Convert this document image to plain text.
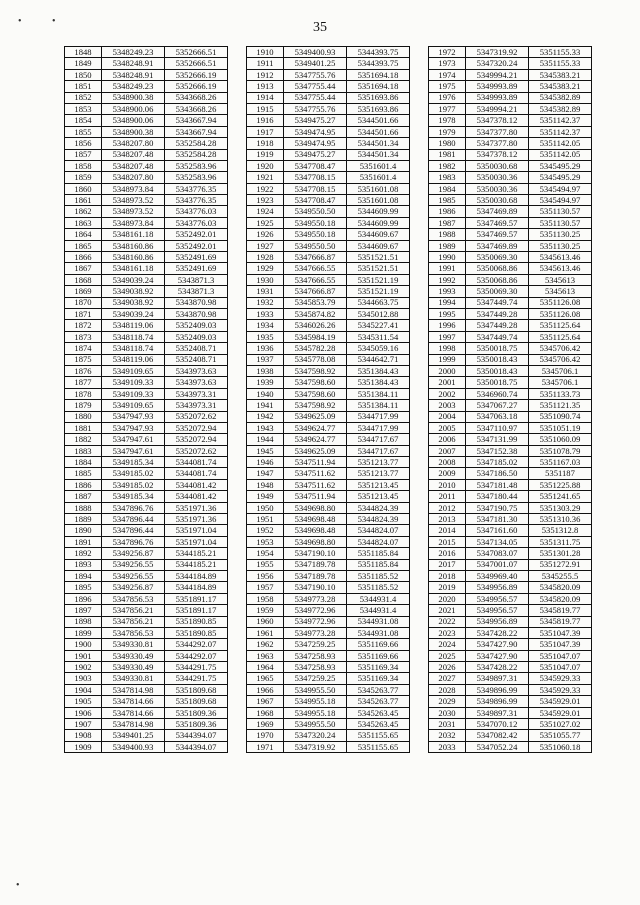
35
•	•
•
1848	5348249.23	5352666.51
1849	5348248.91	5352666.51
1850	5348248.91	5352666.19
1851	5348249.23	5352666.19
1852	5348900.38	5343668.26
1853	5348900.06	5343668.26
1854	5348900.06	5343667.94
1855	5348900.38	5343667.94
1856	5348207.80	5352584.28
1857	5348207.48	5352584.28
1858	5348207.48	5352583.96
1859	5348207.80	5352583.96
1860	5348973.84	5343776.35
1861	5348973.52	5343776.35
1862	5348973.52	5343776.03
1863	5348973.84	5343776.03
1864	5348161.18	5352492.01
1865	5348160.86	5352492.01
1866	5348160.86	5352491.69
1867	5348161.18	5352491.69
1868	5349039.24	5343871.3
1869	5349038.92	5343871.3
1870	5349038.92	5343870.98
1871	5349039.24	5343870.98
1872	5348119.06	5352409.03
1873	5348118.74	5352409.03
1874	5348118.74	5352408.71
1875	5348119.06	5352408.71
1876	5349109.65	5343973.63
1877	5349109.33	5343973.63
1878	5349109.33	5343973.31
1879	5349109.65	5343973.31
1880	5347947.93	5352072.62
1881	5347947.93	5352072.94
1882	5347947.61	5352072.94
1883	5347947.61	5352072.62
1884	5349185.34	5344081.74
1885	5349185.02	5344081.74
1886	5349185.02	5344081.42
1887	5349185.34	5344081.42
1888	5347896.76	5351971.36
1889	5347896.44	5351971.36
1890	5347896.44	5351971.04
1891	5347896.76	5351971.04
1892	5349256.87	5344185.21
1893	5349256.55	5344185.21
1894	5349256.55	5344184.89
1895	5349256.87	5344184.89
1896	5347856.53	5351891.17
1897	5347856.21	5351891.17
1898	5347856.21	5351890.85
1899	5347856.53	5351890.85
1900	5349330.81	5344292.07
1901	5349330.49	5344292.07
1902	5349330.49	5344291.75
1903	5349330.81	5344291.75
1904	5347814.98	5351809.68
1905	5347814.66	5351809.68
1906	5347814.66	5351809.36
1907	5347814.98	5351809.36
1908	5349401.25	5344394.07
1909	5349400.93	5344394.07
1910	5349400.93	5344393.75
1911	5349401.25	5344393.75
1912	5347755.76	5351694.18
1913	5347755.44	5351694.18
1914	5347755.44	5351693.86
1915	5347755.76	5351693.86
1916	5349475.27	5344501.66
1917	5349474.95	5344501.66
1918	5349474.95	5344501.34
1919	5349475.27	5344501.34
1920	5347708.47	5351601.4
1921	5347708.15	5351601.4
1922	5347708.15	5351601.08
1923	5347708.47	5351601.08
1924	5349550.50	5344609.99
1925	5349550.18	5344609.99
1926	5349550.18	5344609.67
1927	5349550.50	5344609.67
1928	5347666.87	5351521.51
1929	5347666.55	5351521.51
1930	5347666.55	5351521.19
1931	5347666.87	5351521.19
1932	5345853.79	5344663.75
1933	5345874.82	5345012.88
1934	5346026.26	5345227.41
1935	5345984.19	5345311.54
1936	5345782.28	5345059.16
1937	5345778.08	5344642.71
1938	5347598.92	5351384.43
1939	5347598.60	5351384.43
1940	5347598.60	5351384.11
1941	5347598.92	5351384.11
1942	5349625.09	5344717.99
1943	5349624.77	5344717.99
1944	5349624.77	5344717.67
1945	5349625.09	5344717.67
1946	5347511.94	5351213.77
1947	5347511.62	5351213.77
1948	5347511.62	5351213.45
1949	5347511.94	5351213.45
1950	5349698.80	5344824.39
1951	5349698.48	5344824.39
1952	5349698.48	5344824.07
1953	5349698.80	5344824.07
1954	5347190.10	5351185.84
1955	5347189.78	5351185.84
1956	5347189.78	5351185.52
1957	5347190.10	5351185.52
1958	5349773.28	5344931.4
1959	5349772.96	5344931.4
1960	5349772.96	5344931.08
1961	5349773.28	5344931.08
1962	5347259.25	5351169.66
1963	5347258.93	5351169.66
1964	5347258.93	5351169.34
1965	5347259.25	5351169.34
1966	5349955.50	5345263.77
1967	5349955.18	5345263.77
1968	5349955.18	5345263.45
1969	5349955.50	5345263.45
1970	5347320.24	5351155.65
1971	5347319.92	5351155.65
1972	5347319.92	5351155.33
1973	5347320.24	5351155.33
1974	5349994.21	5345383.21
1975	5349993.89	5345383.21
1976	5349993.89	5345382.89
1977	5349994.21	5345382.89
1978	5347378.12	5351142.37
1979	5347377.80	5351142.37
1980	5347377.80	5351142.05
1981	5347378.12	5351142.05
1982	5350030.68	5345495.29
1983	5350030.36	5345495.29
1984	5350030.36	5345494.97
1985	5350030.68	5345494.97
1986	5347469.89	5351130.57
1987	5347469.57	5351130.57
1988	5347469.57	5351130.25
1989	5347469.89	5351130.25
1990	5350069.30	5345613.46
1991	5350068.86	5345613.46
1992	5350068.86	5345613
1993	5350069.30	5345613
1994	5347449.74	5351126.08
1995	5347449.28	5351126.08
1996	5347449.28	5351125.64
1997	5347449.74	5351125.64
1998	5350018.75	5345706.42
1999	5350018.43	5345706.42
2000	5350018.43	5345706.1
2001	5350018.75	5345706.1
2002	5346960.74	5351133.73
2003	5347067.27	5351121.35
2004	5347063.18	5351090.74
2005	5347110.97	5351051.19
2006	5347131.99	5351060.09
2007	5347152.38	5351078.79
2008	5347185.02	5351167.03
2009	5347186.50	5351187
2010	5347181.48	5351225.88
2011	5347180.44	5351241.65
2012	5347190.75	5351303.29
2013	5347181.30	5351310.36
2014	5347161.60	5351312.8
2015	5347134.05	5351311.75
2016	5347083.07	5351301.28
2017	5347001.07	5351272.91
2018	5349969.40	5345255.5
2019	5349956.89	5345820.09
2020	5349956.57	5345820.09
2021	5349956.57	5345819.77
2022	5349956.89	5345819.77
2023	5347428.22	5351047.39
2024	5347427.90	5351047.39
2025	5347427.90	5351047.07
2026	5347428.22	5351047.07
2027	5349897.31	5345929.33
2028	5349896.99	5345929.33
2029	5349896.99	5345929.01
2030	5349897.31	5345929.01
2031	5347070.12	5351027.02
2032	5347082.42	5351055.77
2033	5347052.24	5351060.18
